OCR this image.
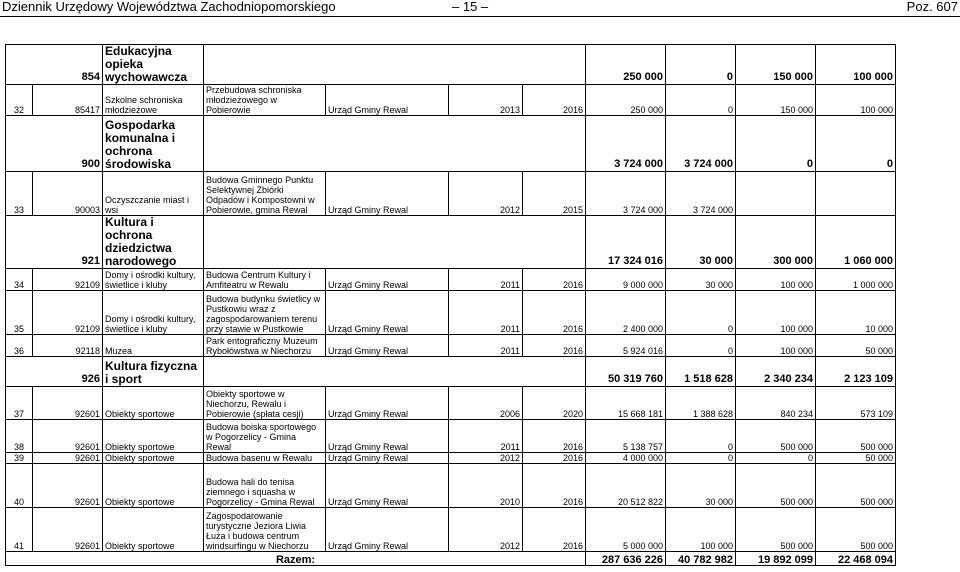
Dziennik Urzędowy Województwa Zachodniopomorskiego	– 15 –	Poz. 607
854		Edukacyjna opieka wychowawcza					250 000	0	150 000	100 000
32	85417	Szkolne schroniska młodzieżowe	Przebudowa schroniska młodzieżowego w Pobierowie	Urząd Gminy Rewal	2013	2016	250 000	0	150 000	100 000
900		Gospodarka komunalna i ochrona środowiska					3 724 000	3 724 000	0	0
33	90003	Oczyszczanie miast i wsi	Budowa Gminnego Punktu Selektywnej Zbiórki Odpadów i Kompostowni w Pobierowie, gmina Rewal	Urząd Gminy Rewal	2012	2015	3 724 000	3 724 000		
921		Kultura i ochrona dziedzictwa narodowego					17 324 016	30 000	300 000	1 060 000
34	92109	Domy i ośrodki kultury, świetlice i kluby	Budowa Centrum Kultury i Amfiteatru w Rewalu	Urząd Gminy Rewal	2011	2016	9 000 000	30 000	100 000	1 000 000
35	92109	Domy i ośrodki kultury, świetlice i kluby	Budowa budynku świetlicy w Pustkowiu wraz z zagospodarowaniem terenu przy stawie w Pustkowie	Urząd Gminy Rewal	2011	2016	2 400 000	0	100 000	10 000
36	92118	Muzea	Park entograficzny Muzeum Rybołówstwa w Niechorzu	Urząd Gminy Rewal	2011	2016	5 924 016	0	100 000	50 000
926		Kultura fizyczna i sport					50 319 760	1 518 628	2 340 234	2 123 109
37	92601	Obiekty sportowe	Obiekty sportowe w Niechorzu, Rewalu i Pobierowie (spłata cesji)	Urząd Gminy Rewal	2006	2020	15 668 181	1 388 628	840 234	573 109
38	92601	Obiekty sportowe	Budowa boiska sportowego w Pogorzelicy - Gmina Rewal	Urząd Gminy Rewal	2011	2016	5 138 757	0	500 000	500 000
39	92601	Obiekty sportowe	Budowa basenu w Rewalu	Urząd Gminy Rewal	2012	2016	4 000 000	0	0	50 000
40	92601	Obiekty sportowe	Budowa hali do tenisa ziemnego i squasha w Pogorzelicy - Gmina Rewal	Urząd Gminy Rewal	2010	2016	20 512 822	30 000	500 000	500 000
41	92601	Obiekty sportowe	Zagospodarowanie turystyczne Jeziora Liwia Łuża i budowa centrum windsurfingu w Niechorzu	Urząd Gminy Rewal	2012	2016	5 000 000	100 000	500 000	500 000
Razem:							287 636 226	40 782 982	19 892 099	22 468 094
